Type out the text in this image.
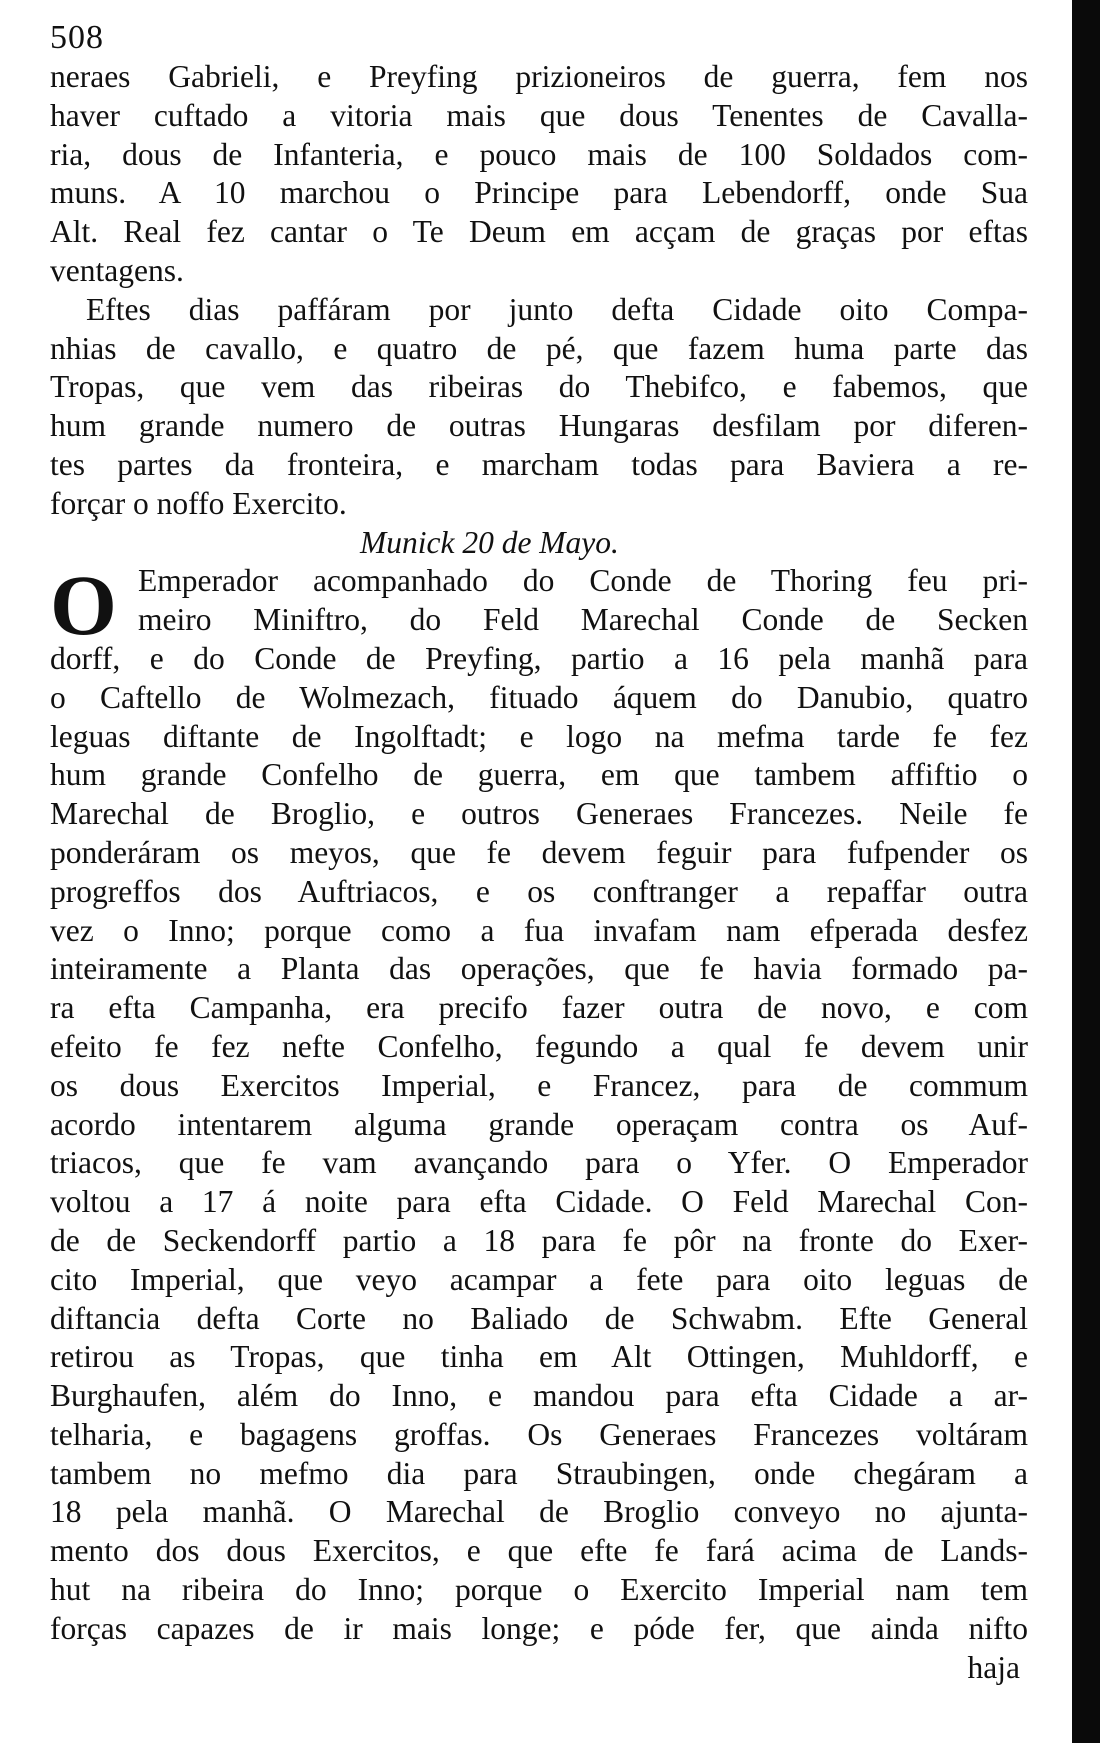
508
neraes Gabrieli, e Preyfing prizioneiros de guerra, fem nos
haver cuftado a vitoria mais que dous Tenentes de Cavalla-
ria, dous de Infanteria, e pouco mais de 100 Soldados com-
muns. A 10 marchou o Principe para Lebendorff, onde Sua
Alt. Real fez cantar o Te Deum em acçam de graças por eftas
ventagens.
Eftes dias paffáram por junto defta Cidade oito Compa-
nhias de cavallo, e quatro de pé, que fazem huma parte das
Tropas, que vem das ribeiras do Thebifco, e fabemos, que
hum grande numero de outras Hungaras desfilam por diferen-
tes partes da fronteira, e marcham todas para Baviera a re-
forçar o noffo Exercito.
Munick 20 de Mayo.
O Emperador acompanhado do Conde de Thoring feu pri-
meiro Miniftro, do Feld Marechal Conde de Secken
dorff, e do Conde de Preyfing, partio a 16 pela manhã para
o Caftello de Wolmezach, fituado áquem do Danubio, quatro
leguas diftante de Ingolftadt; e logo na mefma tarde fe fez
hum grande Confelho de guerra, em que tambem affiftio o
Marechal de Broglio, e outros Generaes Francezes. Neile fe
ponderáram os meyos, que fe devem feguir para fufpender os
progreffos dos Auftriacos, e os conftranger a repaffar outra
vez o Inno; porque como a fua invafam nam efperada desfez
inteiramente a Planta das operações, que fe havia formado pa-
ra efta Campanha, era precifo fazer outra de novo, e com
efeito fe fez nefte Confelho, fegundo a qual fe devem unir
os dous Exercitos Imperial, e Francez, para de commum
acordo intentarem alguma grande operaçam contra os Auf-
triacos, que fe vam avançando para o Yfer. O Emperador
voltou a 17 á noite para efta Cidade. O Feld Marechal Con-
de de Seckendorff partio a 18 para fe pôr na fronte do Exer-
cito Imperial, que veyo acampar a fete para oito leguas de
diftancia defta Corte no Baliado de Schwabm. Efte General
retirou as Tropas, que tinha em Alt Ottingen, Muhldorff, e
Burghaufen, além do Inno, e mandou para efta Cidade a ar-
telharia, e bagagens groffas. Os Generaes Francezes voltáram
tambem no mefmo dia para Straubingen, onde chegáram a
18 pela manhã. O Marechal de Broglio conveyo no ajunta-
mento dos dous Exercitos, e que efte fe fará acima de Lands-
hut na ribeira do Inno; porque o Exercito Imperial nam tem
forças capazes de ir mais longe; e póde fer, que ainda nifto
haja
